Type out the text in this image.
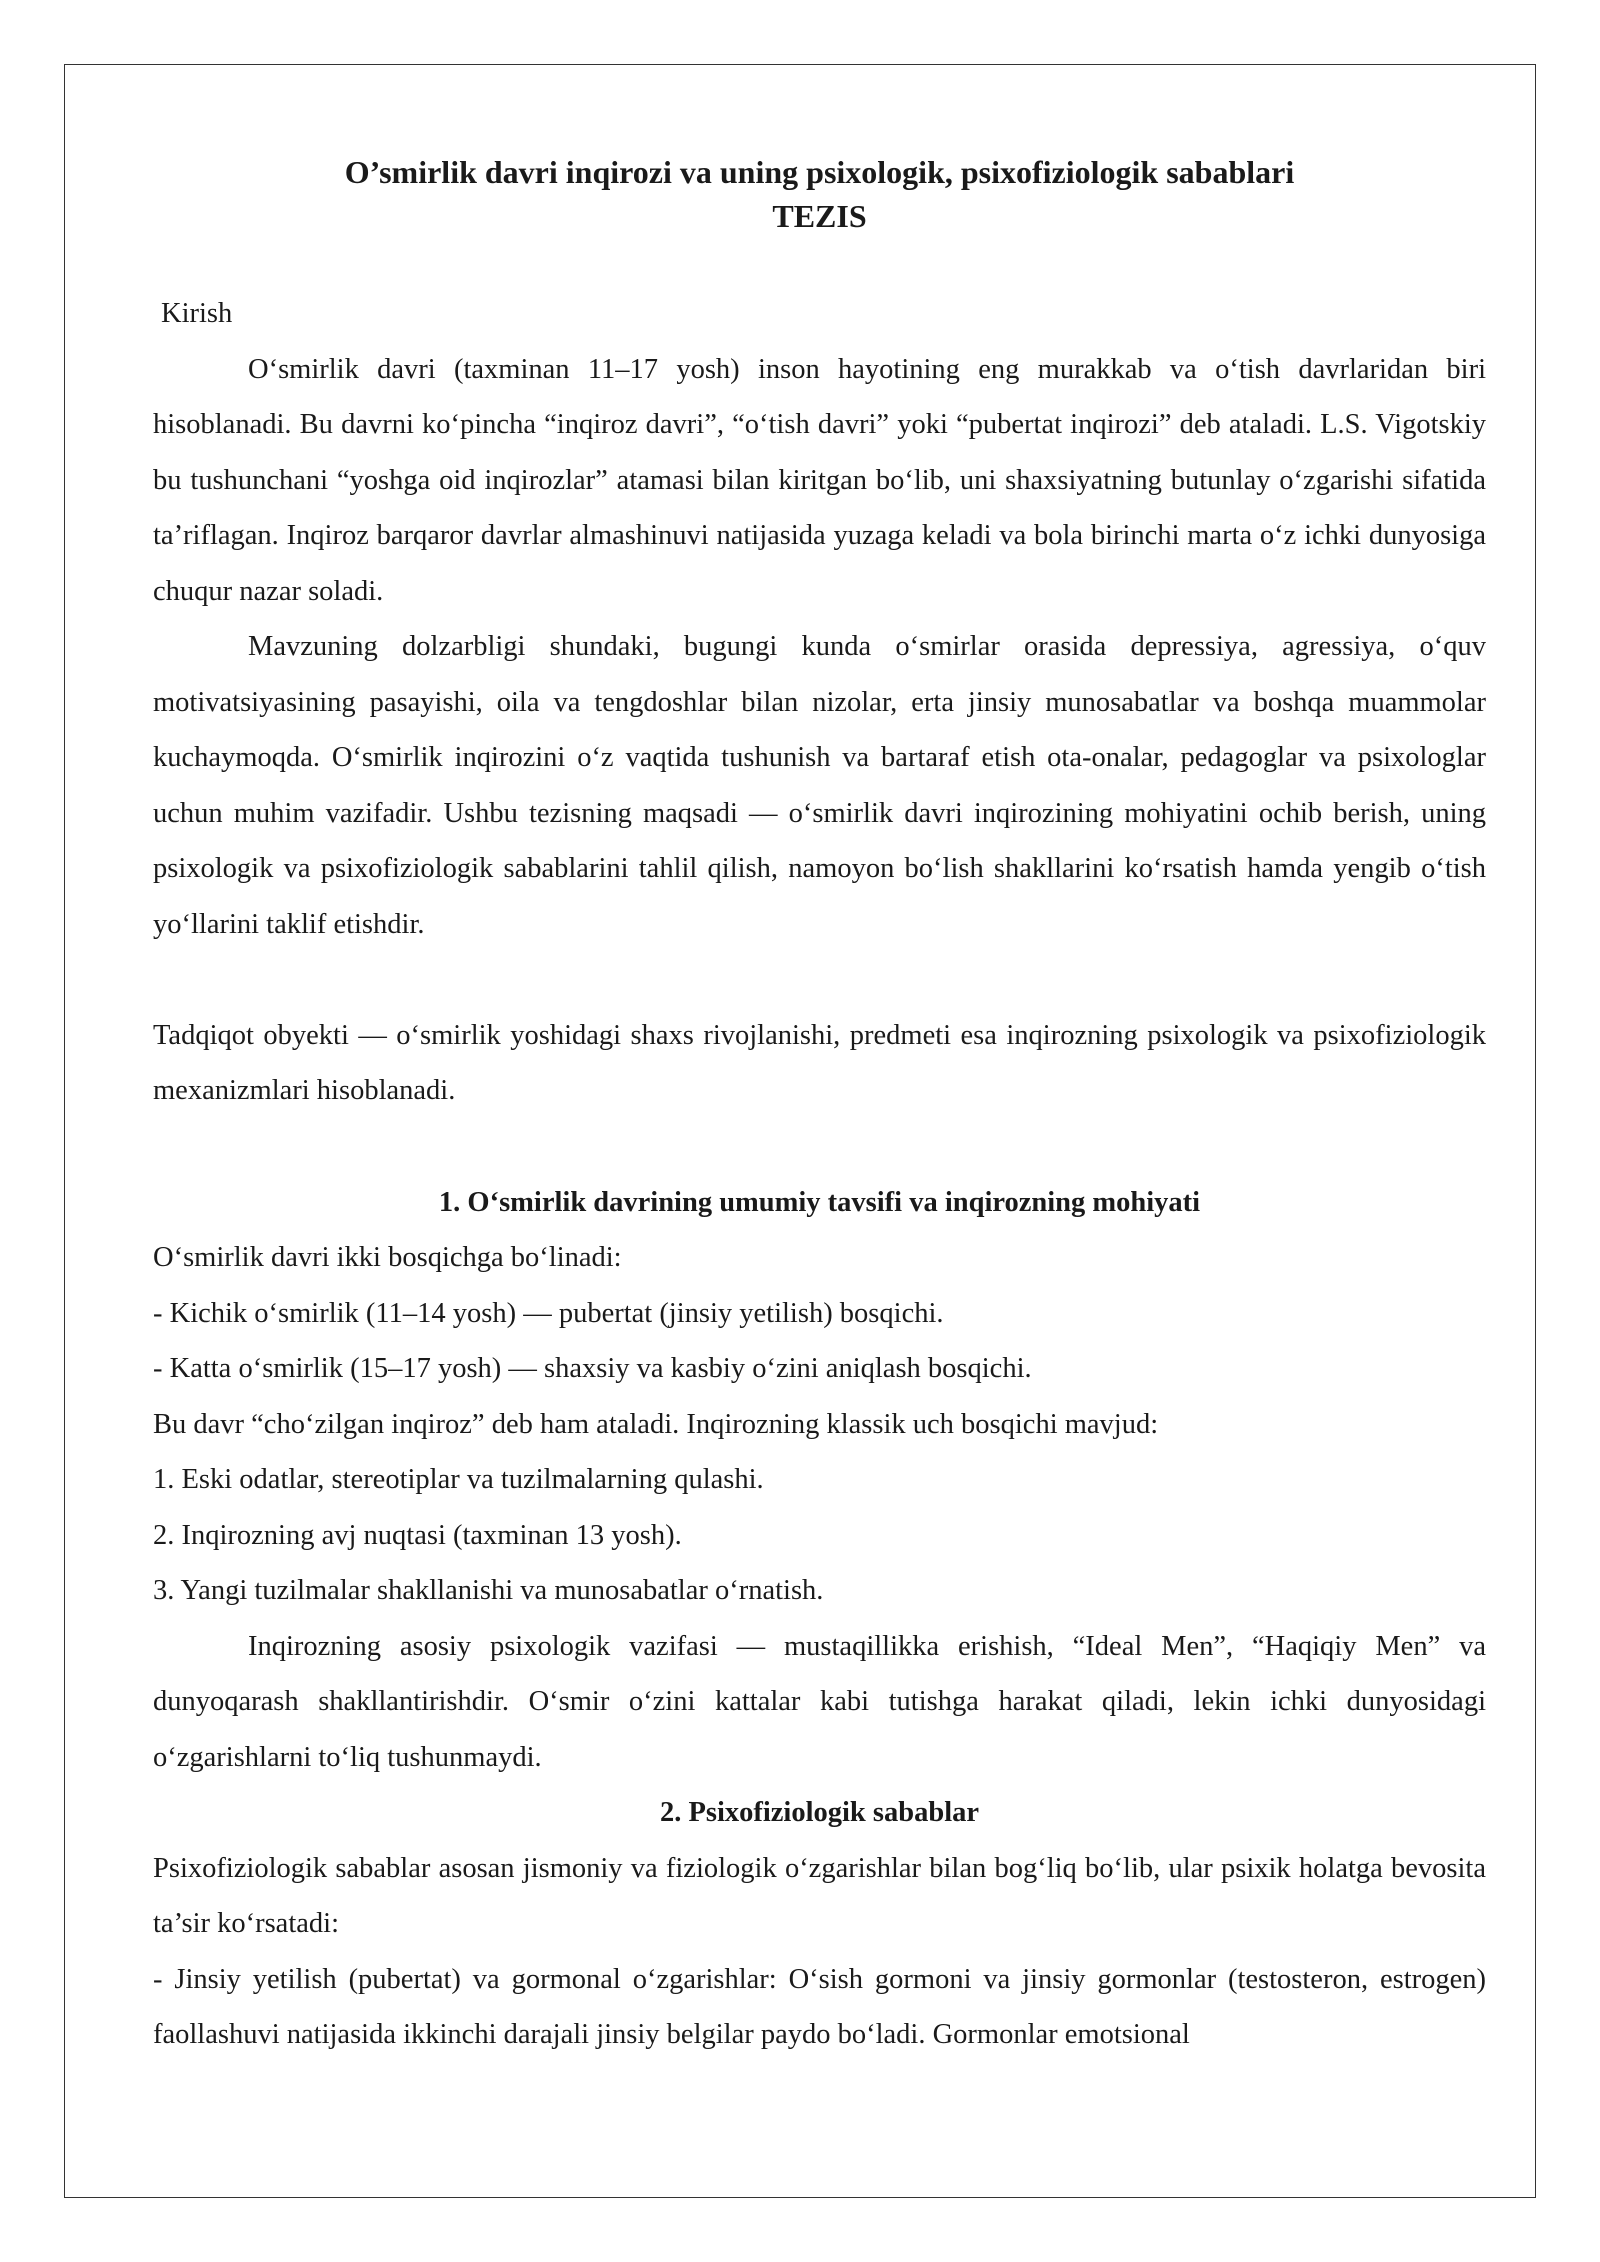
O’smirlik davri inqirozi va uning psixologik, psixofiziologik sabablari

TEZIS

Kirish

O‘smirlik davri (taxminan 11–17 yosh) inson hayotining eng murakkab va o‘tish davrlaridan biri hisoblanadi. Bu davrni ko‘pincha “inqiroz davri”, “o‘tish davri” yoki “pubertat inqirozi” deb ataladi. L.S. Vigotskiy bu tushunchani “yoshga oid inqirozlar” atamasi bilan kiritgan bo‘lib, uni shaxsiyatning butunlay o‘zgarishi sifatida ta’riflagan. Inqiroz barqaror davrlar almashinuvi natijasida yuzaga keladi va bola birinchi marta o‘z ichki dunyosiga chuqur nazar soladi.

Mavzuning dolzarbligi shundaki, bugungi kunda o‘smirlar orasida depressiya, agressiya, o‘quv motivatsiyasining pasayishi, oila va tengdoshlar bilan nizolar, erta jinsiy munosabatlar va boshqa muammolar kuchaymoqda. O‘smirlik inqirozini o‘z vaqtida tushunish va bartaraf etish ota-onalar, pedagoglar va psixologlar uchun muhim vazifadir. Ushbu tezisning maqsadi — o‘smirlik davri inqirozining mohiyatini ochib berish, uning psixologik va psixofiziologik sabablarini tahlil qilish, namoyon bo‘lish shakllarini ko‘rsatish hamda yengib o‘tish yo‘llarini taklif etishdir.

Tadqiqot obyekti — o‘smirlik yoshidagi shaxs rivojlanishi, predmeti esa inqirozning psixologik va psixofiziologik mexanizmlari hisoblanadi.

1. O‘smirlik davrining umumiy tavsifi va inqirozning mohiyati

O‘smirlik davri ikki bosqichga bo‘linadi:

- Kichik o‘smirlik (11–14 yosh) — pubertat (jinsiy yetilish) bosqichi.

- Katta o‘smirlik (15–17 yosh) — shaxsiy va kasbiy o‘zini aniqlash bosqichi.

Bu davr “cho‘zilgan inqiroz” deb ham ataladi. Inqirozning klassik uch bosqichi mavjud:

1. Eski odatlar, stereotiplar va tuzilmalarning qulashi.

2. Inqirozning avj nuqtasi (taxminan 13 yosh).

3. Yangi tuzilmalar shakllanishi va munosabatlar o‘rnatish.

Inqirozning asosiy psixologik vazifasi — mustaqillikka erishish, “Ideal Men”, “Haqiqiy Men” va dunyoqarash shakllantirishdir. O‘smir o‘zini kattalar kabi tutishga harakat qiladi, lekin ichki dunyosidagi o‘zgarishlarni to‘liq tushunmaydi.

2. Psixofiziologik sabablar

Psixofiziologik sabablar asosan jismoniy va fiziologik o‘zgarishlar bilan bog‘liq bo‘lib, ular psixik holatga bevosita ta’sir ko‘rsatadi:

- Jinsiy yetilish (pubertat) va gormonal o‘zgarishlar: O‘sish gormoni va jinsiy gormonlar (testosteron, estrogen) faollashuvi natijasida ikkinchi darajali jinsiy belgilar paydo bo‘ladi. Gormonlar emotsional
